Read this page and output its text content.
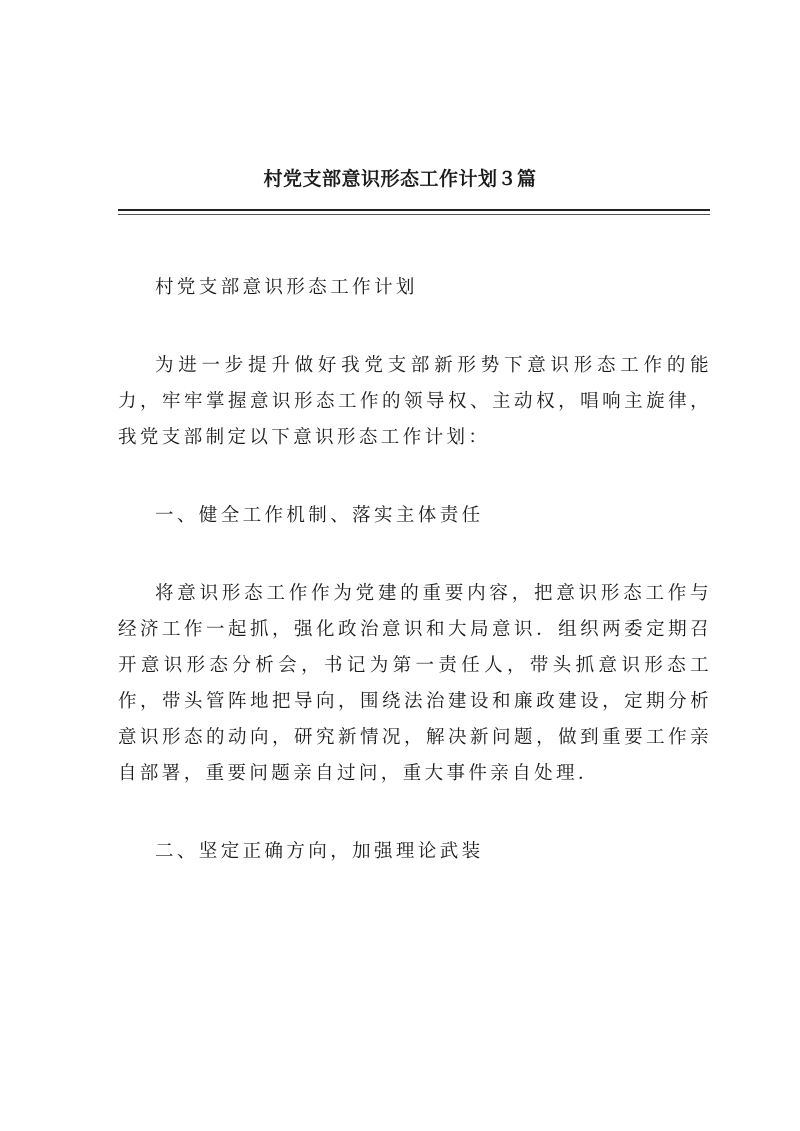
村党支部意识形态工作计划３篇

村党支部意识形态工作计划

为进一步提升做好我党支部新形势下意识形态工作的能力，牢牢掌握意识形态工作的领导权、主动权，唱响主旋律，我党支部制定以下意识形态工作计划：

一、健全工作机制、落实主体责任

将意识形态工作作为党建的重要内容，把意识形态工作与经济工作一起抓，强化政治意识和大局意识．组织两委定期召开意识形态分析会，书记为第一责任人，带头抓意识形态工作，带头管阵地把导向，围绕法治建设和廉政建设，定期分析意识形态的动向，研究新情况，解决新问题，做到重要工作亲自部署，重要问题亲自过问，重大事件亲自处理．

二、坚定正确方向，加强理论武装
